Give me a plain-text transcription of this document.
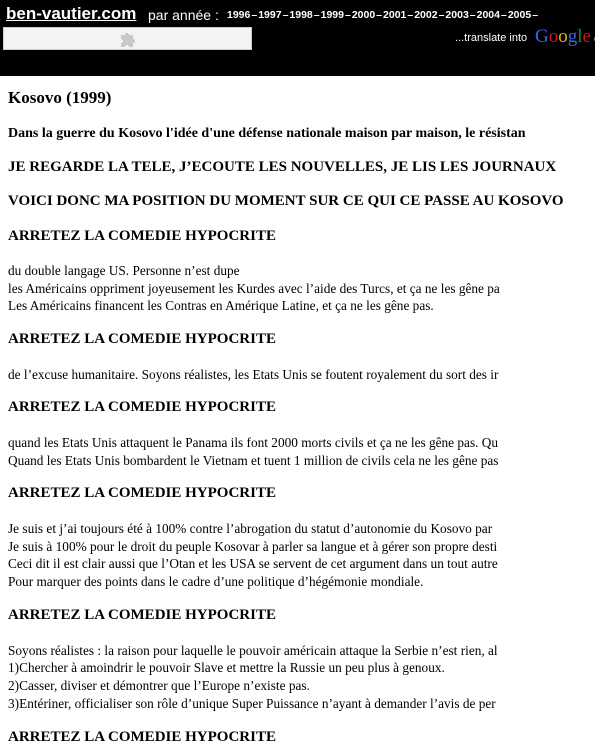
ben-vautier.com par année : 1996–1997–1998–1999–2000–2001–2002–2003–2004–2005–
...translate into Google e
Kosovo (1999)
Dans la guerre du Kosovo l'idée d'une défense nationale maison par maison, le résistan
JE REGARDE LA TELE, J’ECOUTE LES NOUVELLES, JE LIS LES JOURNAUX
VOICI DONC MA POSITION DU MOMENT SUR CE QUI CE PASSE AU KOSOVO
ARRETEZ LA COMEDIE HYPOCRITE
du double langage US. Personne n’est dupe
les Américains oppriment joyeusement les Kurdes avec l’aide des Turcs, et ça ne les gêne pa
Les Américains financent les Contras en Amérique Latine, et ça ne les gêne pas.
ARRETEZ LA COMEDIE HYPOCRITE
de l’excuse humanitaire. Soyons réalistes, les Etats Unis se foutent royalement du sort des ir
ARRETEZ LA COMEDIE HYPOCRITE
quand les Etats Unis attaquent le Panama ils font 2000 morts civils et ça ne les gêne pas. Qu
Quand les Etats Unis bombardent le Vietnam et tuent 1 million de civils cela ne les gêne pas
ARRETEZ LA COMEDIE HYPOCRITE
Je suis et j’ai toujours été à 100% contre l’abrogation du statut d’autonomie du Kosovo par
Je suis à 100% pour le droit du peuple Kosovar à parler sa langue et à gérer son propre desti
Ceci dit il est clair aussi que l’Otan et les USA se servent de cet argument dans un tout autre
Pour marquer des points dans le cadre d’une politique d’hégémonie mondiale.
ARRETEZ LA COMEDIE HYPOCRITE
Soyons réalistes : la raison pour laquelle le pouvoir américain attaque la Serbie n’est rien, al
1)Chercher à amoindrir le pouvoir Slave et mettre la Russie un peu plus à genoux.
2)Casser, diviser et démontrer que l’Europe n’existe pas.
3)Entériner, officialiser son rôle d’unique Super Puissance n’ayant à demander l’avis de per
ARRETEZ LA COMEDIE HYPOCRITE
